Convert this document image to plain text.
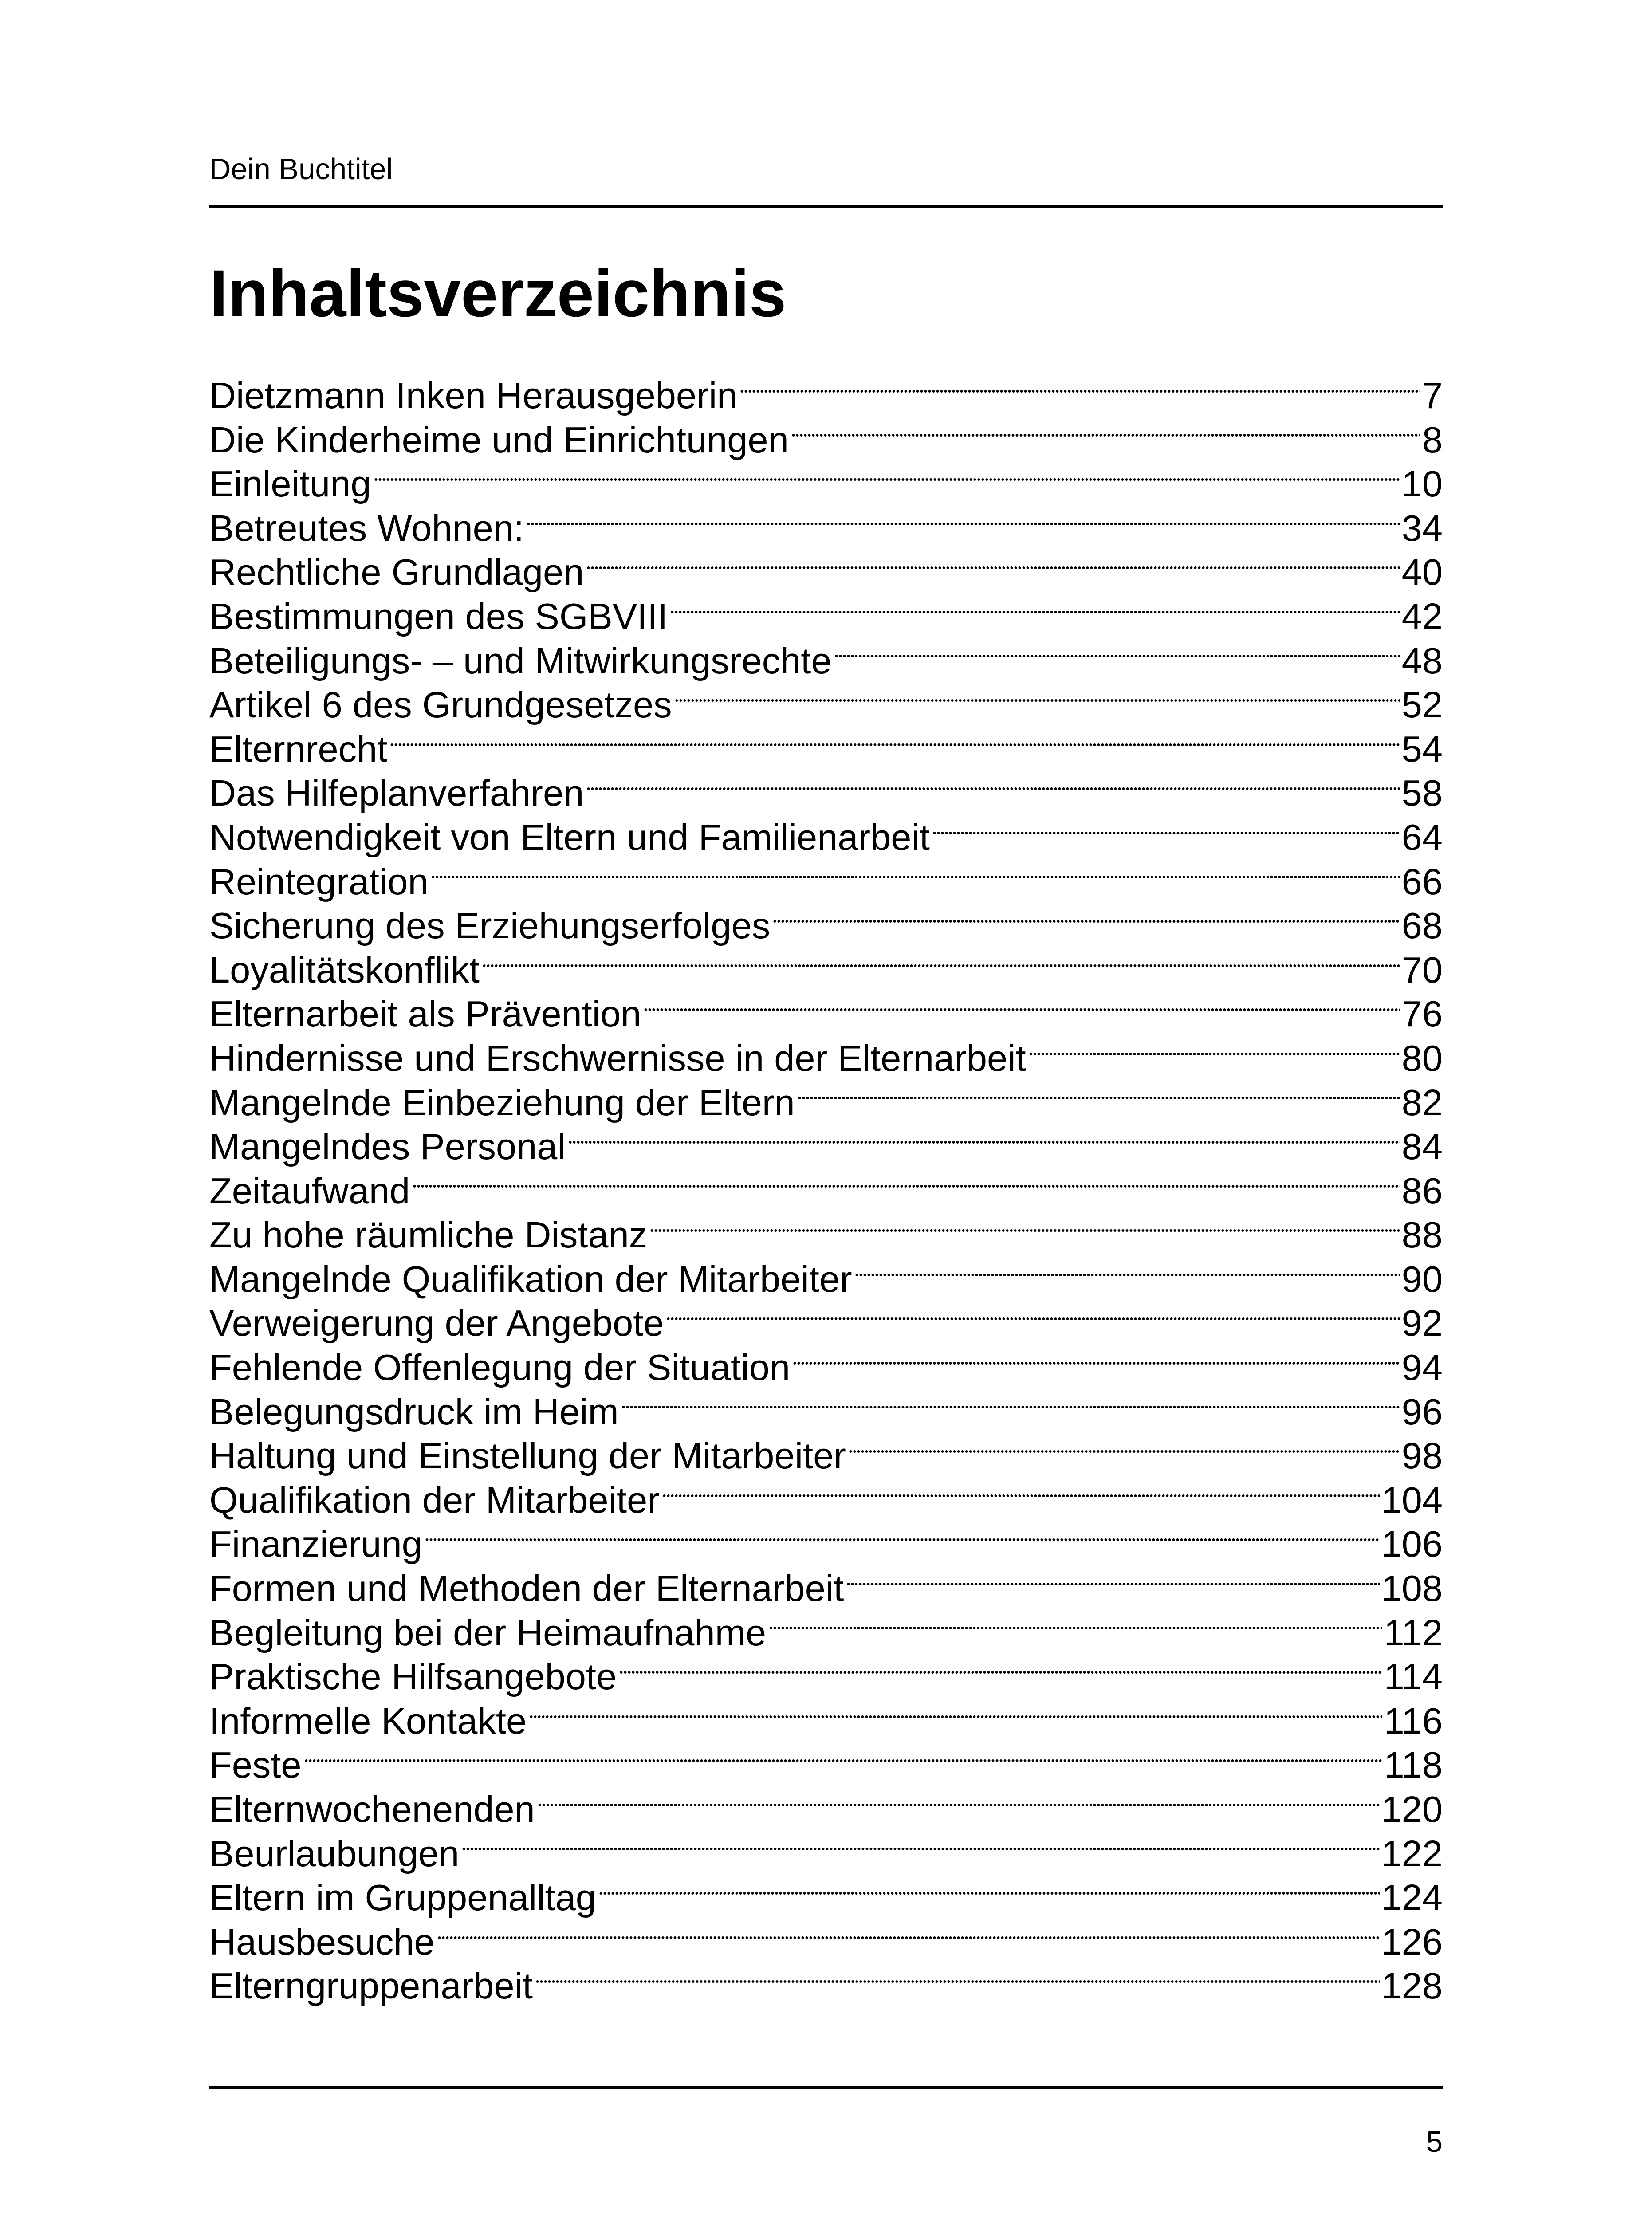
Dein Buchtitel
Inhaltsverzeichnis
Dietzmann Inken Herausgeberin	7
Die Kinderheime und Einrichtungen	8
Einleitung	10
Betreutes Wohnen:	34
Rechtliche Grundlagen	40
Bestimmungen des SGBVIII	42
Beteiligungs- – und Mitwirkungsrechte	48
Artikel 6 des Grundgesetzes	52
Elternrecht	54
Das Hilfeplanverfahren	58
Notwendigkeit von Eltern und Familienarbeit	64
Reintegration	66
Sicherung des Erziehungserfolges	68
Loyalitätskonflikt	70
Elternarbeit als Prävention	76
Hindernisse und Erschwernisse in der Elternarbeit	80
Mangelnde Einbeziehung der Eltern	82
Mangelndes Personal	84
Zeitaufwand	86
Zu hohe räumliche Distanz	88
Mangelnde Qualifikation der Mitarbeiter	90
Verweigerung der Angebote	92
Fehlende Offenlegung der Situation	94
Belegungsdruck im Heim	96
Haltung und Einstellung der Mitarbeiter	98
Qualifikation der Mitarbeiter	104
Finanzierung	106
Formen und Methoden der Elternarbeit	108
Begleitung bei der Heimaufnahme	112
Praktische Hilfsangebote	114
Informelle Kontakte	116
Feste	118
Elternwochenenden	120
Beurlaubungen	122
Eltern im Gruppenalltag	124
Hausbesuche	126
Elterngruppenarbeit	128
5
